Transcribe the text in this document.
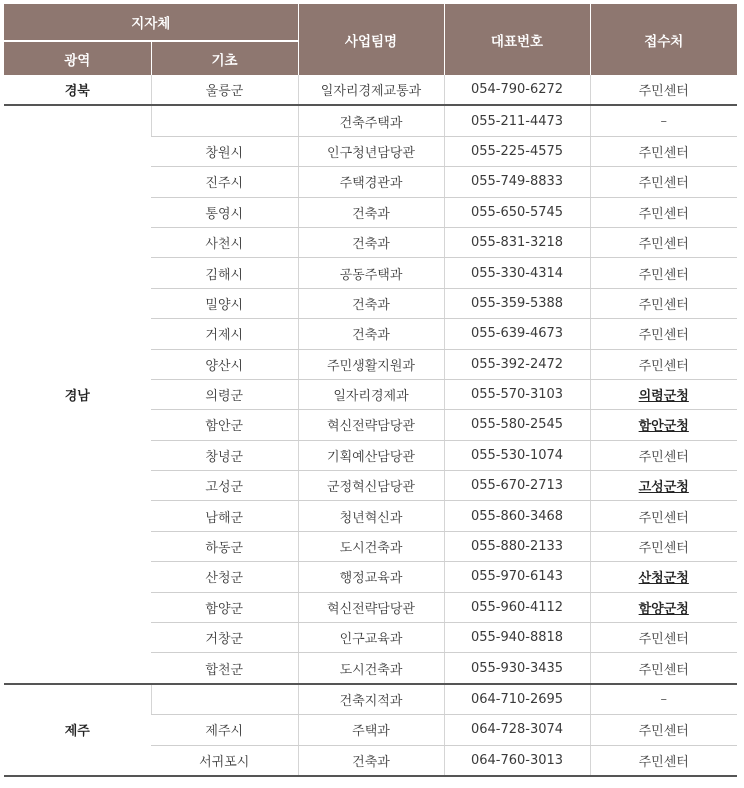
지자체		사업팀명	대표번호	접수처
광역	기초			
경북	울릉군	일자리경제교통과	054-790-6272	주민센터
경남		건축주택과	055-211-4473	–
	창원시	인구청년담당관	055-225-4575	주민센터
	진주시	주택경관과	055-749-8833	주민센터
	통영시	건축과	055-650-5745	주민센터
	사천시	건축과	055-831-3218	주민센터
	김해시	공동주택과	055-330-4314	주민센터
	밀양시	건축과	055-359-5388	주민센터
	거제시	건축과	055-639-4673	주민센터
	양산시	주민생활지원과	055-392-2472	주민센터
	의령군	일자리경제과	055-570-3103	의령군청
	함안군	혁신전략담당관	055-580-2545	함안군청
	창녕군	기획예산담당관	055-530-1074	주민센터
	고성군	군정혁신담당관	055-670-2713	고성군청
	남해군	청년혁신과	055-860-3468	주민센터
	하동군	도시건축과	055-880-2133	주민센터
	산청군	행정교육과	055-970-6143	산청군청
	함양군	혁신전략담당관	055-960-4112	함양군청
	거창군	인구교육과	055-940-8818	주민센터
	합천군	도시건축과	055-930-3435	주민센터
제주		건축지적과	064-710-2695	–
	제주시	주택과	064-728-3074	주민센터
	서귀포시	건축과	064-760-3013	주민센터
